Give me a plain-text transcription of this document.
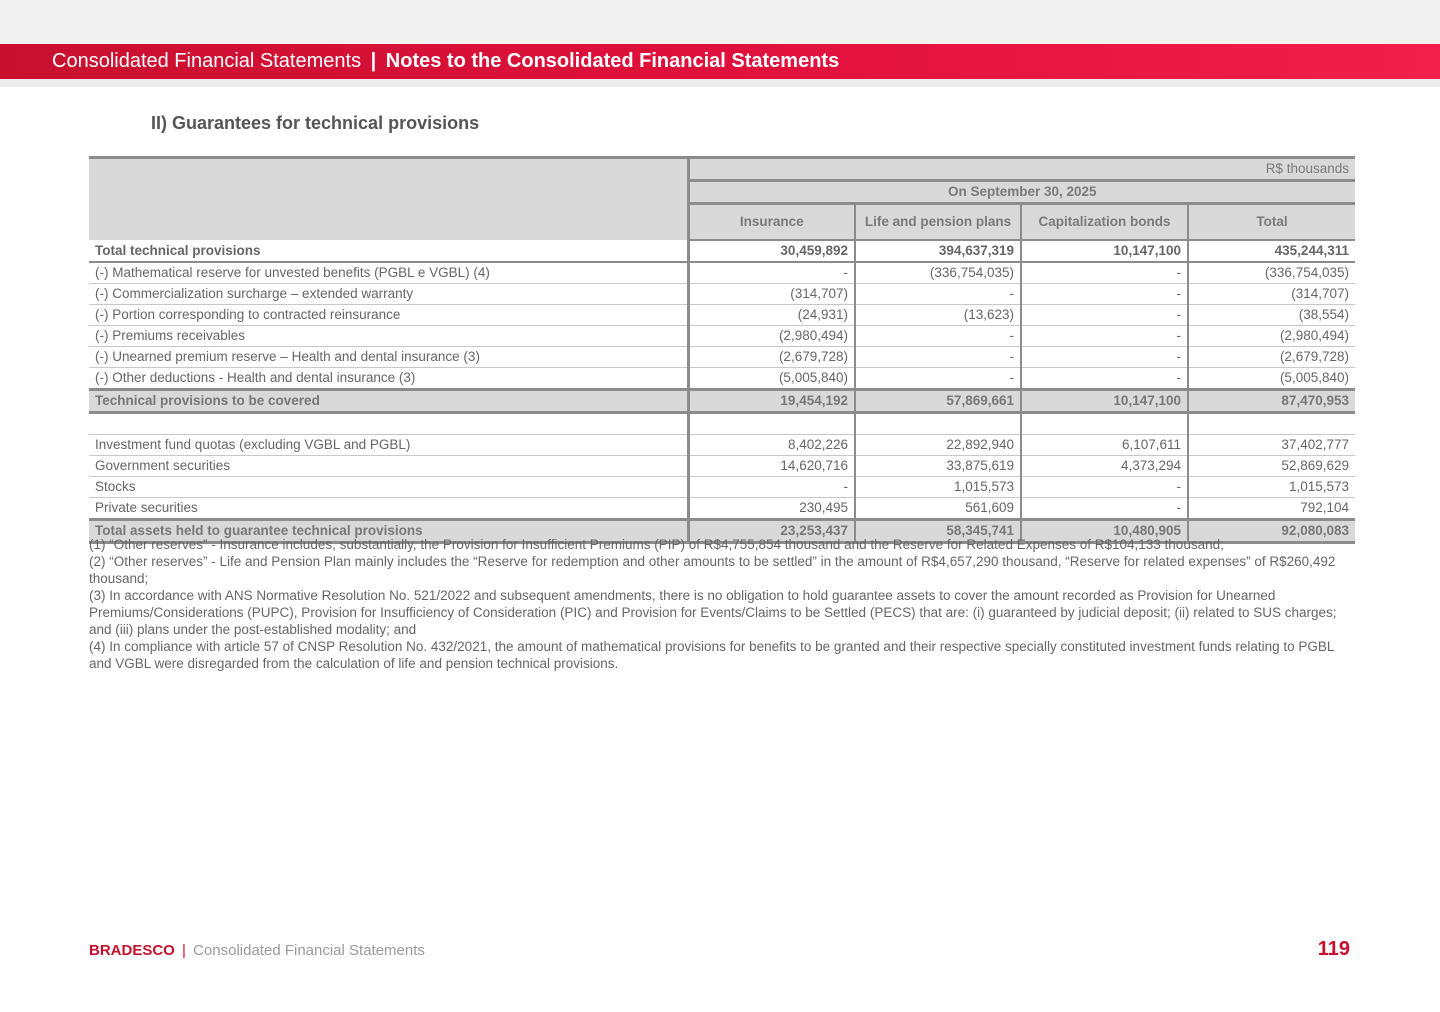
Consolidated Financial Statements | Notes to the Consolidated Financial Statements
II) Guarantees for technical provisions
	R$ thousands			
	On September 30, 2025			
	Insurance	Life and pension plans	Capitalization bonds	Total
Total technical provisions	30,459,892	394,637,319	10,147,100	435,244,311
(-) Mathematical reserve for unvested benefits (PGBL e VGBL) (4)	-	(336,754,035)	-	(336,754,035)
(-) Commercialization surcharge – extended warranty	(314,707)	-	-	(314,707)
(-) Portion corresponding to contracted reinsurance	(24,931)	(13,623)	-	(38,554)
(-) Premiums receivables	(2,980,494)	-	-	(2,980,494)
(-) Unearned premium reserve – Health and dental insurance (3)	(2,679,728)	-	-	(2,679,728)
(-) Other deductions - Health and dental insurance (3)	(5,005,840)	-	-	(5,005,840)
Technical provisions to be covered	19,454,192	57,869,661	10,147,100	87,470,953

Investment fund quotas (excluding VGBL and PGBL)	8,402,226	22,892,940	6,107,611	37,402,777
Government securities	14,620,716	33,875,619	4,373,294	52,869,629
Stocks	-	1,015,573	-	1,015,573
Private securities	230,495	561,609	-	792,104
Total assets held to guarantee technical provisions	23,253,437	58,345,741	10,480,905	92,080,083

(1) “Other reserves” - Insurance includes, substantially, the Provision for Insufficient Premiums (PIP) of R$4,755,854 thousand and the Reserve for Related Expenses of R$104,133 thousand;

(2) “Other reserves” - Life and Pension Plan mainly includes the “Reserve for redemption and other amounts to be settled” in the amount of R$4,657,290 thousand, “Reserve for related expenses” of R$260,492 thousand;

(3) In accordance with ANS Normative Resolution No. 521/2022 and subsequent amendments, there is no obligation to hold guarantee assets to cover the amount recorded as Provision for Unearned Premiums/Considerations (PUPC), Provision for Insufficiency of Consideration (PIC) and Provision for Events/Claims to be Settled (PECS) that are: (i) guaranteed by judicial deposit; (ii) related to SUS charges; and (iii) plans under the post-established modality; and

(4) In compliance with article 57 of CNSP Resolution No. 432/2021, the amount of mathematical provisions for benefits to be granted and their respective specially constituted investment funds relating to PGBL and VGBL were disregarded from the calculation of life and pension technical provisions.

BRADESCO | Consolidated Financial Statements	119
